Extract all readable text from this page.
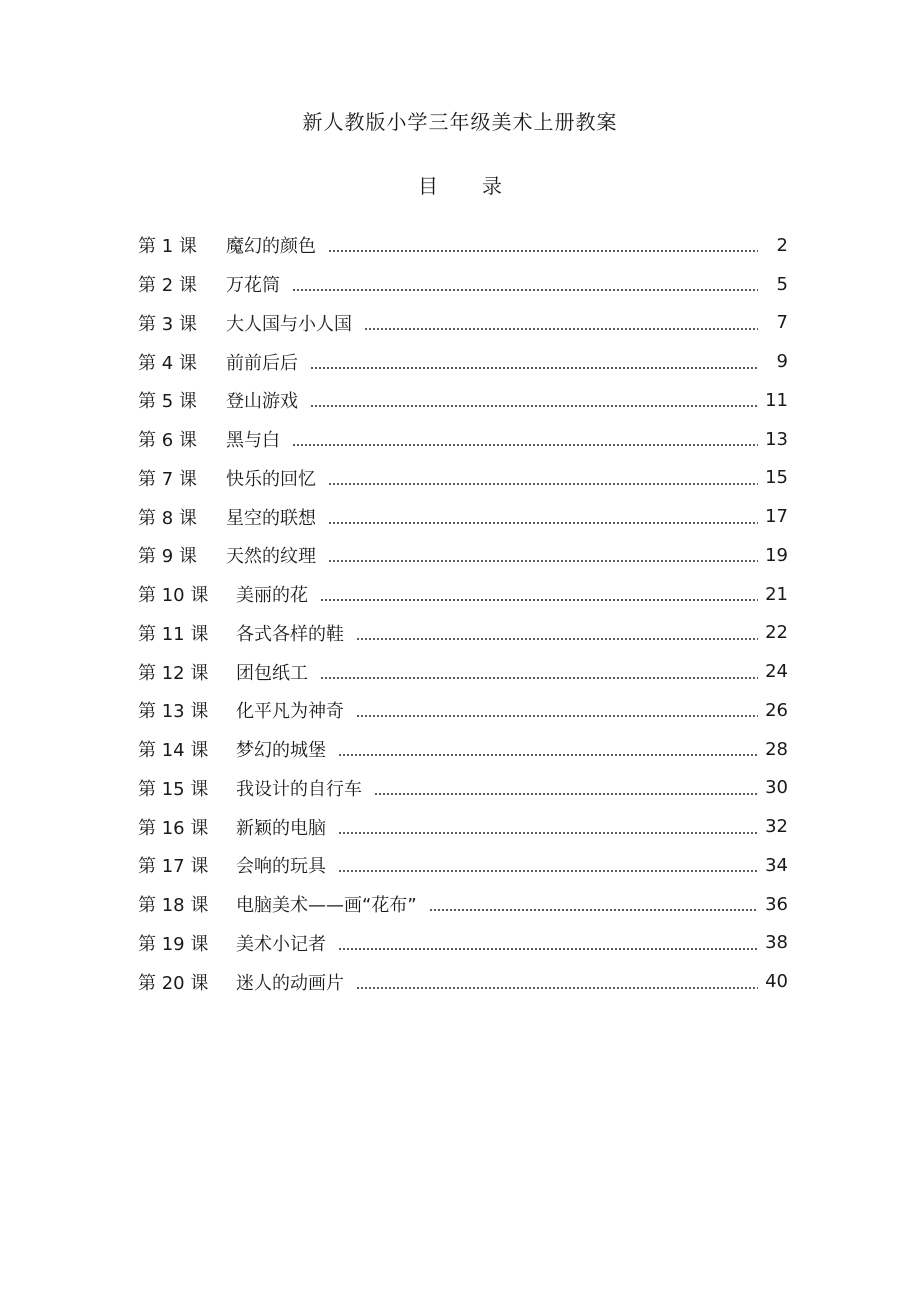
新人教版小学三年级美术上册教案
目 录
第 1 课	魔幻的颜色	2
第 2 课	万花筒	5
第 3 课	大人国与小人国	7
第 4 课	前前后后	9
第 5 课	登山游戏	11
第 6 课	黑与白	13
第 7 课	快乐的回忆	15
第 8 课	星空的联想	17
第 9 课	天然的纹理	19
第 10 课	美丽的花	21
第 11 课	各式各样的鞋	22
第 12 课	团包纸工	24
第 13 课	化平凡为神奇	26
第 14 课	梦幻的城堡	28
第 15 课	我设计的自行车	30
第 16 课	新颖的电脑	32
第 17 课	会响的玩具	34
第 18 课	电脑美术——画“花布”	36
第 19 课	美术小记者	38
第 20 课	迷人的动画片	40
